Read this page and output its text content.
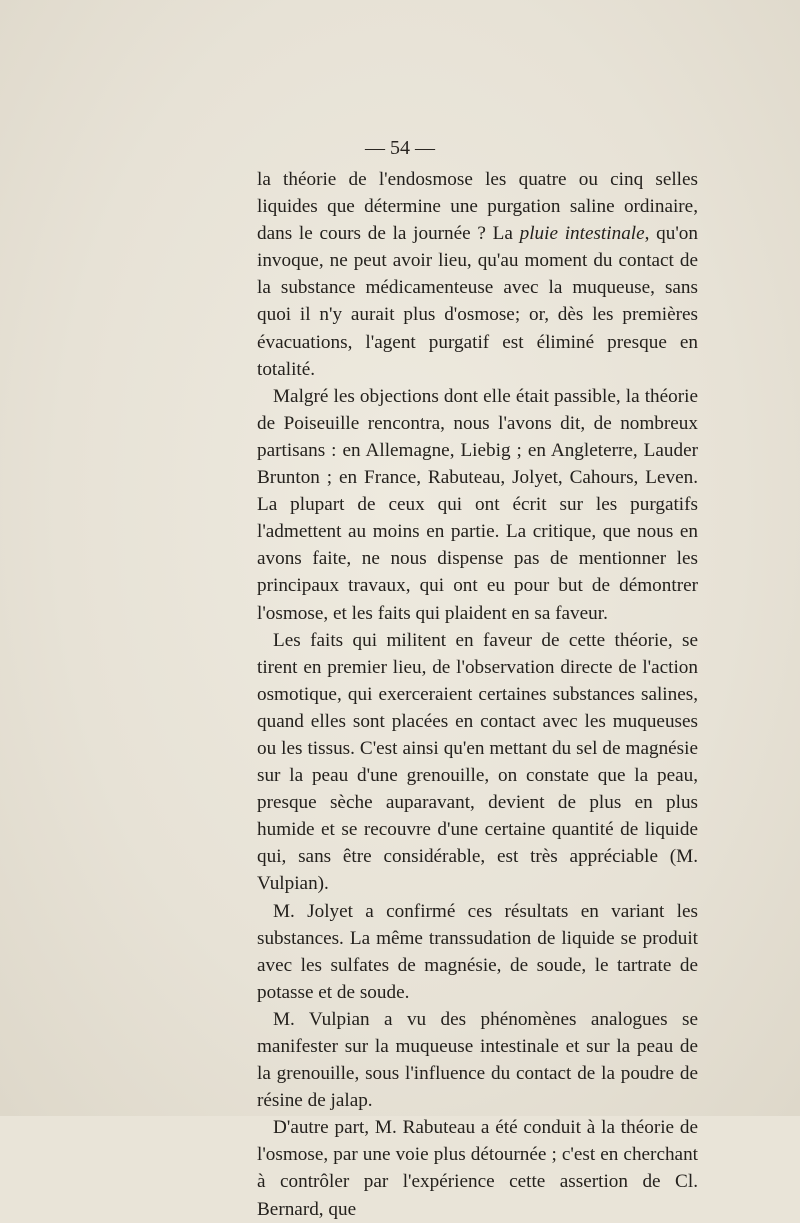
— 54 —

la théorie de l'endosmose les quatre ou cinq selles liquides que détermine une purgation saline ordinaire, dans le cours de la journée ? La pluie intestinale, qu'on invoque, ne peut avoir lieu, qu'au moment du contact de la substance médicamenteuse avec la muqueuse, sans quoi il n'y aurait plus d'osmose; or, dès les premières évacuations, l'agent purgatif est éliminé presque en totalité.

Malgré les objections dont elle était passible, la théorie de Poiseuille rencontra, nous l'avons dit, de nombreux partisans : en Allemagne, Liebig ; en Angleterre, Lauder Brunton ; en France, Rabuteau, Jolyet, Cahours, Leven. La plupart de ceux qui ont écrit sur les purgatifs l'admettent au moins en partie. La critique, que nous en avons faite, ne nous dispense pas de mentionner les principaux travaux, qui ont eu pour but de démontrer l'osmose, et les faits qui plaident en sa faveur.

Les faits qui militent en faveur de cette théorie, se tirent en premier lieu, de l'observation directe de l'action osmotique, qui exerceraient certaines substances salines, quand elles sont placées en contact avec les muqueuses ou les tissus. C'est ainsi qu'en mettant du sel de magnésie sur la peau d'une grenouille, on constate que la peau, presque sèche auparavant, devient de plus en plus humide et se recouvre d'une certaine quantité de liquide qui, sans être considérable, est très appréciable (M. Vulpian).

M. Jolyet a confirmé ces résultats en variant les substances. La même transsudation de liquide se produit avec les sulfates de magnésie, de soude, le tartrate de potasse et de soude.

M. Vulpian a vu des phénomènes analogues se manifester sur la muqueuse intestinale et sur la peau de la grenouille, sous l'influence du contact de la poudre de résine de jalap.

D'autre part, M. Rabuteau a été conduit à la théorie de l'osmose, par une voie plus détournée ; c'est en cherchant à contrôler par l'expérience cette assertion de Cl. Bernard, que
